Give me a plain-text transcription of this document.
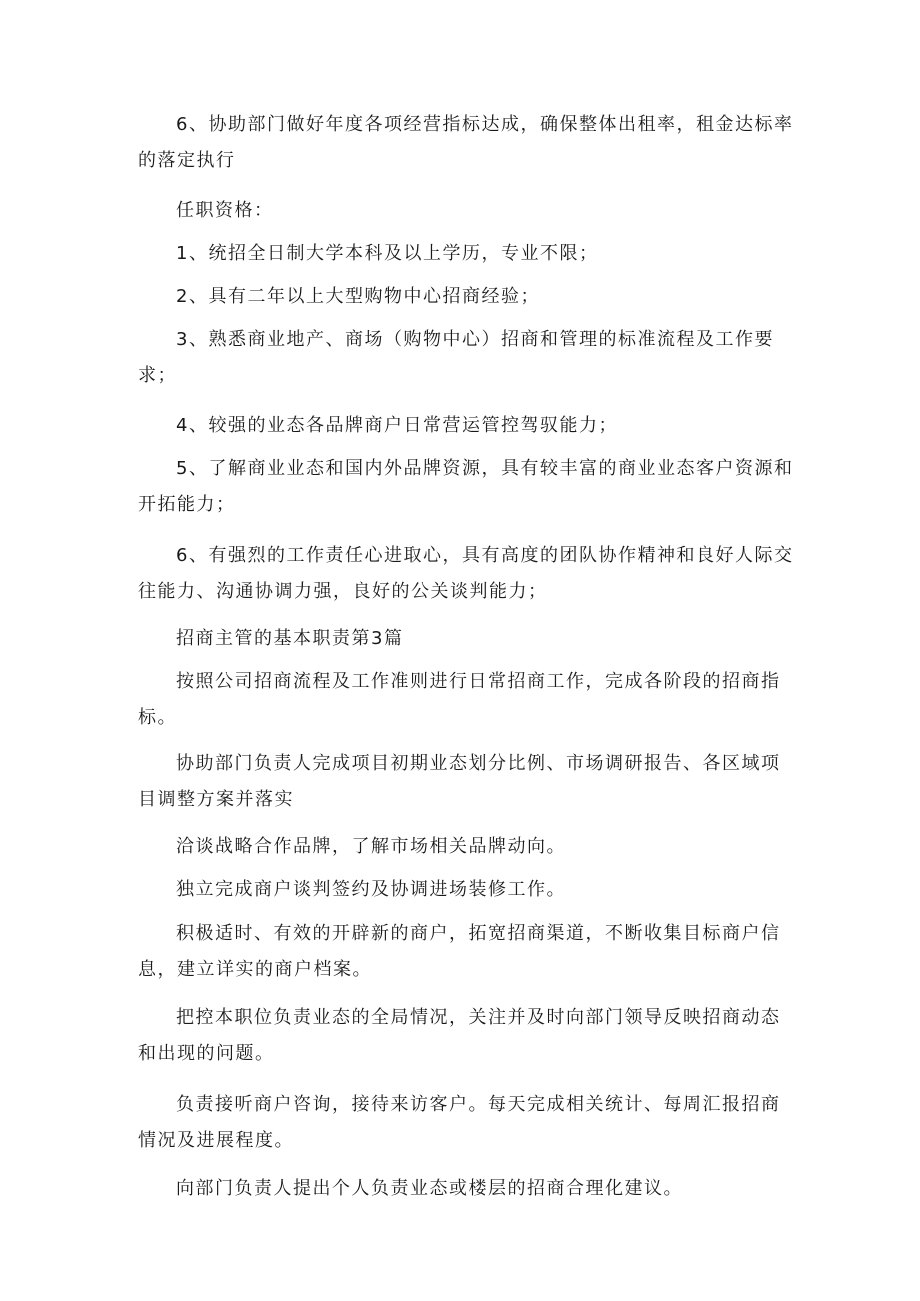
6、协助部门做好年度各项经营指标达成，确保整体出租率，租金达标率的落定执行

任职资格：

1、统招全日制大学本科及以上学历，专业不限；

2、具有二年以上大型购物中心招商经验；

3、熟悉商业地产、商场（购物中心）招商和管理的标准流程及工作要求；

4、较强的业态各品牌商户日常营运管控驾驭能力；

5、了解商业业态和国内外品牌资源，具有较丰富的商业业态客户资源和开拓能力；

6、有强烈的工作责任心进取心，具有高度的团队协作精神和良好人际交往能力、沟通协调力强，良好的公关谈判能力；

招商主管的基本职责第3篇

按照公司招商流程及工作准则进行日常招商工作，完成各阶段的招商指标。

协助部门负责人完成项目初期业态划分比例、市场调研报告、各区域项目调整方案并落实

洽谈战略合作品牌，了解市场相关品牌动向。

独立完成商户谈判签约及协调进场装修工作。

积极适时、有效的开辟新的商户，拓宽招商渠道，不断收集目标商户信息，建立详实的商户档案。

把控本职位负责业态的全局情况，关注并及时向部门领导反映招商动态和出现的问题。

负责接听商户咨询，接待来访客户。每天完成相关统计、每周汇报招商情况及进展程度。

向部门负责人提出个人负责业态或楼层的招商合理化建议。
